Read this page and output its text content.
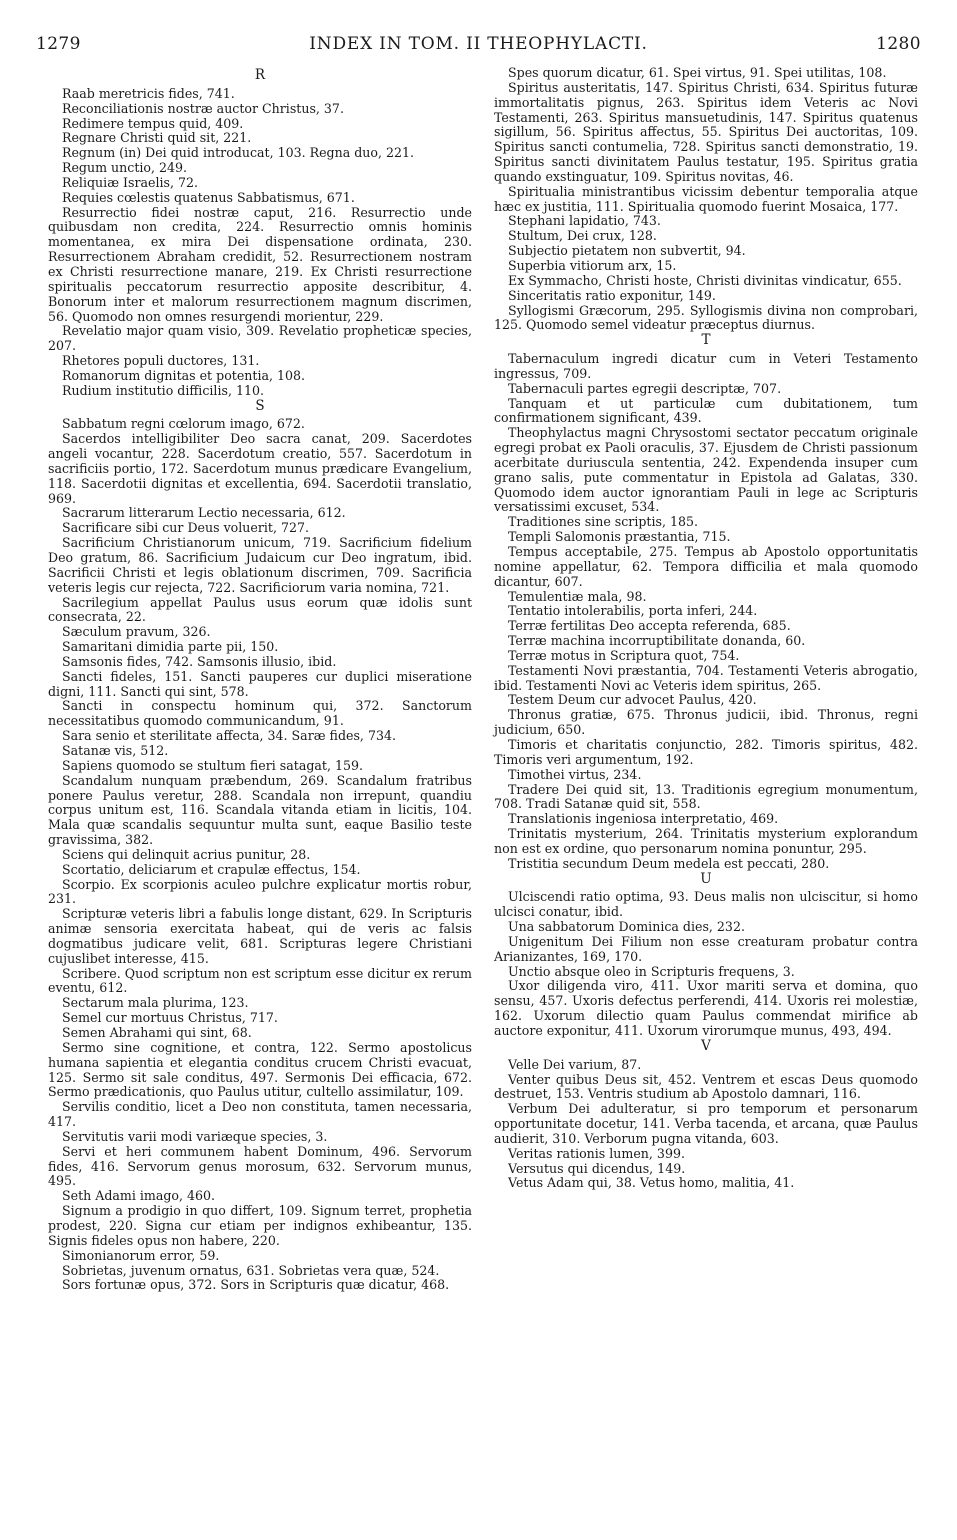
1279	INDEX IN TOM. II THEOPHYLACTI.	1280
R

Raab meretricis fides, 741.

Reconciliationis nostræ auctor Christus, 37.

Redimere tempus quid, 409.

Regnare Christi quid sit, 221.

Regnum (in) Dei quid introducat, 103. Regna duo, 221.

Regum unctio, 249.

Reliquiæ Israelis, 72.

Requies cœlestis quatenus Sabbatismus, 671.

Resurrectio fidei nostræ caput, 216. Resurrectio unde quibusdam non credita, 224. Resurrectio omnis hominis momentanea, ex mira Dei dispensatione ordinata, 230. Resurrectionem Abraham credidit, 52. Resurrectionem nostram ex Christi resurrectione manare, 219. Ex Christi resurrectione spiritualis peccatorum resurrectio apposite describitur, 4. Bonorum inter et malorum resurrectionem magnum discrimen, 56. Quomodo non omnes resurgendi morientur, 229.

Revelatio major quam visio, 309. Revelatio propheticæ species, 207.

Rhetores populi ductores, 131.

Romanorum dignitas et potentia, 108.

Rudium institutio difficilis, 110.

S

Sabbatum regni cœlorum imago, 672.

Sacerdos intelligibiliter Deo sacra canat, 209. Sacerdotes angeli vocantur, 228. Sacerdotum creatio, 557. Sacerdotum in sacrificiis portio, 172. Sacerdotum munus prædicare Evangelium, 118. Sacerdotii dignitas et excellentia, 694. Sacerdotii translatio, 969.

Sacrarum litterarum Lectio necessaria, 612.

Sacrificare sibi cur Deus voluerit, 727.

Sacrificium Christianorum unicum, 719. Sacrificium fidelium Deo gratum, 86. Sacrificium Judaicum cur Deo ingratum, ibid. Sacrificii Christi et legis oblationum discrimen, 709. Sacrificia veteris legis cur rejecta, 722. Sacrificiorum varia nomina, 721.

Sacrilegium appellat Paulus usus eorum quæ idolis sunt consecrata, 22.

Sæculum pravum, 326.

Samaritani dimidia parte pii, 150.

Samsonis fides, 742. Samsonis illusio, ibid.

Sancti fideles, 151. Sancti pauperes cur duplici miseratione digni, 111. Sancti qui sint, 578.

Sancti in conspectu hominum qui, 372. Sanctorum necessitatibus quomodo communicandum, 91.

Sara senio et sterilitate affecta, 34. Saræ fides, 734.

Satanæ vis, 512.

Sapiens quomodo se stultum fieri satagat, 159.

Scandalum nunquam præbendum, 269. Scandalum fratribus ponere Paulus veretur, 288. Scandala non irrepunt, quandiu corpus unitum est, 116. Scandala vitanda etiam in licitis, 104. Mala quæ scandalis sequuntur multa sunt, eaque Basilio teste gravissima, 382.

Sciens qui delinquit acrius punitur, 28.

Scortatio, deliciarum et crapulæ effectus, 154.

Scorpio. Ex scorpionis aculeo pulchre explicatur mortis robur, 231.

Scripturæ veteris libri a fabulis longe distant, 629. In Scripturis animæ sensoria exercitata habeat, qui de veris ac falsis dogmatibus judicare velit, 681. Scripturas legere Christiani cujuslibet interesse, 415.

Scribere. Quod scriptum non est scriptum esse dicitur ex rerum eventu, 612.

Sectarum mala plurima, 123.

Semel cur mortuus Christus, 717.

Semen Abrahami qui sint, 68.

Sermo sine cognitione, et contra, 122. Sermo apostolicus humana sapientia et elegantia conditus crucem Christi evacuat, 125. Sermo sit sale conditus, 497. Sermonis Dei efficacia, 672. Sermo prædicationis, quo Paulus utitur, cultello assimilatur, 109.

Servilis conditio, licet a Deo non constituta, tamen necessaria, 417.

Servitutis varii modi variæque species, 3.

Servi et heri communem habent Dominum, 496. Servorum fides, 416. Servorum genus morosum, 632. Servorum munus, 495.

Seth Adami imago, 460.

Signum a prodigio in quo differt, 109. Signum terret, prophetia prodest, 220. Signa cur etiam per indignos exhibeantur, 135. Signis fideles opus non habere, 220.

Simonianorum error, 59.

Sobrietas, juvenum ornatus, 631. Sobrietas vera quæ, 524.

Sors fortunæ opus, 372. Sors in Scripturis quæ dicatur, 468.

Spes quorum dicatur, 61. Spei virtus, 91. Spei utilitas, 108.

Spiritus austeritatis, 147. Spiritus Christi, 634. Spiritus futuræ immortalitatis pignus, 263. Spiritus idem Veteris ac Novi Testamenti, 263. Spiritus mansuetudinis, 147. Spiritus quatenus sigillum, 56. Spiritus affectus, 55. Spiritus Dei auctoritas, 109. Spiritus sancti contumelia, 728. Spiritus sancti demonstratio, 19. Spiritus sancti divinitatem Paulus testatur, 195. Spiritus gratia quando exstinguatur, 109. Spiritus novitas, 46.

Spiritualia ministrantibus vicissim debentur temporalia atque hæc ex justitia, 111. Spiritualia quomodo fuerint Mosaica, 177.

Stephani lapidatio, 743.

Stultum, Dei crux, 128.

Subjectio pietatem non subvertit, 94.

Superbia vitiorum arx, 15.

Ex Symmacho, Christi hoste, Christi divinitas vindicatur, 655.

Sinceritatis ratio exponitur, 149.

Syllogismi Græcorum, 295. Syllogismis divina non comprobari, 125. Quomodo semel videatur præceptus diurnus.

T

Tabernaculum ingredi dicatur cum in Veteri Testamento ingressus, 709.

Tabernaculi partes egregii descriptæ, 707.

Tanquam et ut particulæ cum dubitationem, tum confirmationem significant, 439.

Theophylactus magni Chrysostomi sectator peccatum originale egregi probat ex Paoli oraculis, 37. Ejusdem de Christi passionum acerbitate duriuscula sententia, 242. Expendenda insuper cum grano salis, pute commentatur in Epistola ad Galatas, 330. Quomodo idem auctor ignorantiam Pauli in lege ac Scripturis versatissimi excuset, 534.

Traditiones sine scriptis, 185.

Templi Salomonis præstantia, 715.

Tempus acceptabile, 275. Tempus ab Apostolo opportunitatis nomine appellatur, 62. Tempora difficilia et mala quomodo dicantur, 607.

Temulentiæ mala, 98.

Tentatio intolerabilis, porta inferi, 244.

Terræ fertilitas Deo accepta referenda, 685.

Terræ machina incorruptibilitate donanda, 60.

Terræ motus in Scriptura quot, 754.

Testamenti Novi præstantia, 704. Testamenti Veteris abrogatio, ibid. Testamenti Novi ac Veteris idem spiritus, 265.

Testem Deum cur advocet Paulus, 420.

Thronus gratiæ, 675. Thronus judicii, ibid. Thronus, regni judicium, 650.

Timoris et charitatis conjunctio, 282. Timoris spiritus, 482. Timoris veri argumentum, 192.

Timothei virtus, 234.

Tradere Dei quid sit, 13. Traditionis egregium monumentum, 708. Tradi Satanæ quid sit, 558.

Translationis ingeniosa interpretatio, 469.

Trinitatis mysterium, 264. Trinitatis mysterium explorandum non est ex ordine, quo personarum nomina ponuntur, 295.

Tristitia secundum Deum medela est peccati, 280.

U

Ulciscendi ratio optima, 93. Deus malis non ulciscitur, si homo ulcisci conatur, ibid.

Una sabbatorum Dominica dies, 232.

Unigenitum Dei Filium non esse creaturam probatur contra Arianizantes, 169, 170.

Unctio absque oleo in Scripturis frequens, 3.

Uxor diligenda viro, 411. Uxor mariti serva et domina, quo sensu, 457. Uxoris defectus perferendi, 414. Uxoris rei molestiæ, 162. Uxorum dilectio quam Paulus commendat mirifice ab auctore exponitur, 411. Uxorum virorumque munus, 493, 494.

V

Velle Dei varium, 87.

Venter quibus Deus sit, 452. Ventrem et escas Deus quomodo destruet, 153. Ventris studium ab Apostolo damnari, 116.

Verbum Dei adulteratur, si pro temporum et personarum opportunitate docetur, 141. Verba tacenda, et arcana, quæ Paulus audierit, 310. Verborum pugna vitanda, 603.

Veritas rationis lumen, 399.

Versutus qui dicendus, 149.

Vetus Adam qui, 38. Vetus homo, malitia, 41.
